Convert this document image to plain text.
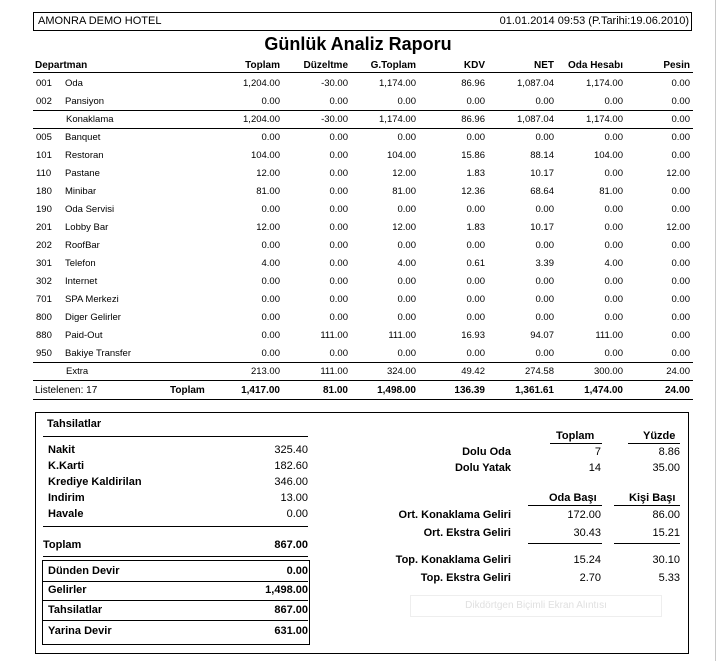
AMONRA DEMO HOTEL	01.01.2014 09:53 (P.Tarihi:19.06.2010)
Günlük Analiz Raporu
Departman	Toplam	Düzeltme	G.Toplam	KDV	NET	Oda Hesabı	Pesin
001 Oda	1,204.00	-30.00	1,174.00	86.96	1,087.04	1,174.00	0.00
002 Pansiyon	0.00	0.00	0.00	0.00	0.00	0.00	0.00
Konaklama	1,204.00	-30.00	1,174.00	86.96	1,087.04	1,174.00	0.00
005 Banquet	0.00	0.00	0.00	0.00	0.00	0.00	0.00
101 Restoran	104.00	0.00	104.00	15.86	88.14	104.00	0.00
110 Pastane	12.00	0.00	12.00	1.83	10.17	0.00	12.00
180 Minibar	81.00	0.00	81.00	12.36	68.64	81.00	0.00
190 Oda Servisi	0.00	0.00	0.00	0.00	0.00	0.00	0.00
201 Lobby Bar	12.00	0.00	12.00	1.83	10.17	0.00	12.00
202 RoofBar	0.00	0.00	0.00	0.00	0.00	0.00	0.00
301 Telefon	4.00	0.00	4.00	0.61	3.39	4.00	0.00
302 Internet	0.00	0.00	0.00	0.00	0.00	0.00	0.00
701 SPA Merkezi	0.00	0.00	0.00	0.00	0.00	0.00	0.00
800 Diger Gelirler	0.00	0.00	0.00	0.00	0.00	0.00	0.00
880 Paid-Out	0.00	111.00	111.00	16.93	94.07	111.00	0.00
950 Bakiye Transfer	0.00	0.00	0.00	0.00	0.00	0.00	0.00
Extra	213.00	111.00	324.00	49.42	274.58	300.00	24.00
Listelenen: 17	Toplam	1,417.00	81.00	1,498.00	136.39	1,361.61	1,474.00	24.00
Tahsilatlar
Nakit	325.40
K.Karti	182.60
Krediye Kaldirilan	346.00
Indirim	13.00
Havale	0.00
Toplam	867.00
Dünden Devir	0.00
Gelirler	1,498.00
Tahsilatlar	867.00
Yarina Devir	631.00
Toplam	Yüzde
Dolu Oda	7	8.86
Dolu Yatak	14	35.00
Oda Başı	Kişi Başı
Ort. Konaklama Geliri	172.00	86.00
Ort. Ekstra Geliri	30.43	15.21
Top. Konaklama Geliri	15.24	30.10
Top. Ekstra Geliri	2.70	5.33
Dikdörtgen Biçimli Ekran Alıntısı
